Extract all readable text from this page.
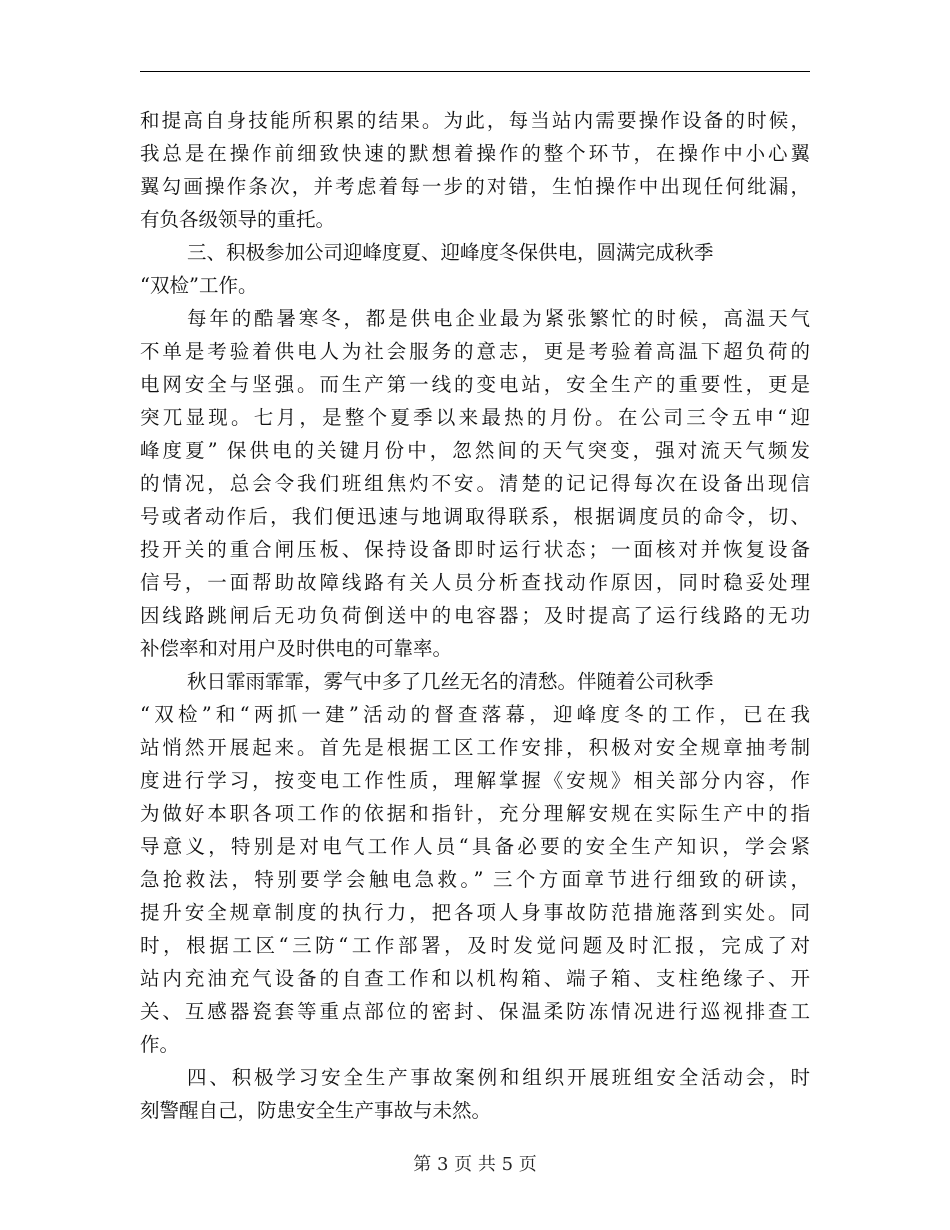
和提高自身技能所积累的结果。为此，每当站内需要操作设备的时候，
我总是在操作前细致快速的默想着操作的整个环节，在操作中小心翼
翼勾画操作条次，并考虑着每一步的对错，生怕操作中出现任何纰漏，
有负各级领导的重托。
三、积极参加公司迎峰度夏、迎峰度冬保供电，圆满完成秋季
“双检”工作。
每年的酷暑寒冬，都是供电企业最为紧张繁忙的时候，高温天气
不单是考验着供电人为社会服务的意志，更是考验着高温下超负荷的
电网安全与坚强。而生产第一线的变电站，安全生产的重要性，更是
突兀显现。七月，是整个夏季以来最热的月份。在公司三令五申“迎
峰度夏” 保供电的关键月份中，忽然间的天气突变，强对流天气频发
的情况，总会令我们班组焦灼不安。清楚的记记得每次在设备出现信
号或者动作后，我们便迅速与地调取得联系，根据调度员的命令，切、
投开关的重合闸压板、保持设备即时运行状态；一面核对并恢复设备
信号，一面帮助故障线路有关人员分析查找动作原因，同时稳妥处理
因线路跳闸后无功负荷倒送中的电容器；及时提高了运行线路的无功
补偿率和对用户及时供电的可靠率。
秋日霏雨霏霏，雾气中多了几丝无名的清愁。伴随着公司秋季
“双检”和“两抓一建”活动的督查落幕，迎峰度冬的工作，已在我
站悄然开展起来。首先是根据工区工作安排，积极对安全规章抽考制
度进行学习，按变电工作性质，理解掌握《安规》相关部分内容，作
为做好本职各项工作的依据和指针，充分理解安规在实际生产中的指
导意义，特别是对电气工作人员“具备必要的安全生产知识，学会紧
急抢救法，特别要学会触电急救。” 三个方面章节进行细致的研读，
提升安全规章制度的执行力，把各项人身事故防范措施落到实处。同
时，根据工区“三防“工作部署，及时发觉问题及时汇报，完成了对
站内充油充气设备的自查工作和以机构箱、端子箱、支柱绝缘子、开
关、互感器瓷套等重点部位的密封、保温柔防冻情况进行巡视排查工
作。
四、积极学习安全生产事故案例和组织开展班组安全活动会，时
刻警醒自己，防患安全生产事故与未然。
第 3 页 共 5 页
